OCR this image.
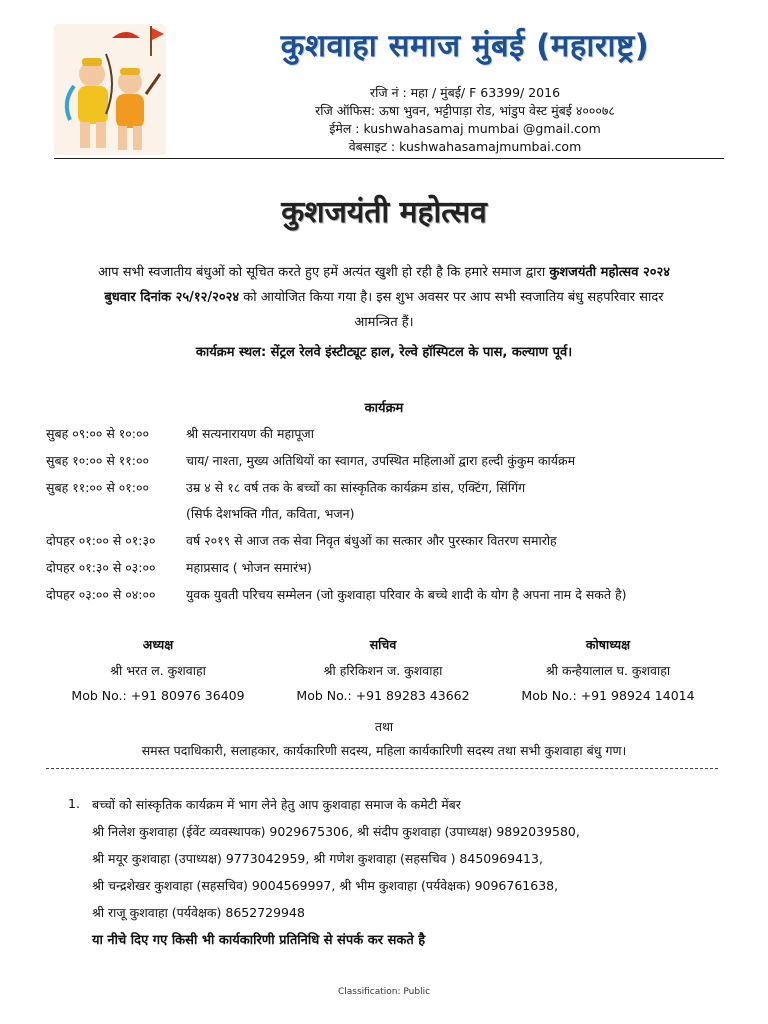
कुशवाहा समाज मुंबई (महाराष्ट्र)
रजि नं : महा / मुंबई/ F 63399/ 2016
रजि ऑफिस: ऊषा भुवन, भट्टीपाड़ा रोड, भांडुप वेस्ट मुंबई ४०००७८
ईमेल : kushwahasamaj mumbai @gmail.com
वेबसाइट : kushwahasamajmumbai.com
कुशजयंती महोत्सव
आप सभी स्वजातीय बंधुओं को सूचित करते हुए हमें अत्यंत खुशी हो रही है कि हमारे समाज द्वारा कुशजयंती महोत्सव २०२४
बुधवार दिनांक २५/१२/२०२४ को आयोजित किया गया है। इस शुभ अवसर पर आप सभी स्वजातिय बंधु सहपरिवार सादर
आमन्त्रित हैं।
कार्यक्रम स्थल: सेंट्रल रेलवे इंस्टीट्यूट हाल, रेल्वे हॉस्पिटल के पास, कल्याण पूर्व।
कार्यक्रम
सुबह ०९:०० से १०:००	श्री सत्यनारायण की महापूजा
सुबह १०:०० से ११:००	चाय/ नाश्ता, मुख्य अतिथियों का स्वागत, उपस्थित महिलाओं द्वारा हल्दी कुंकुम कार्यक्रम
सुबह ११:०० से ०१:००	उम्र ४ से १८ वर्ष तक के बच्चों का सांस्कृतिक कार्यक्रम डांस, एक्टिंग, सिंगिंग
(सिर्फ देशभक्ति गीत, कविता, भजन)
दोपहर ०१:०० से ०१:३०	वर्ष २०१९ से आज तक सेवा निवृत बंधुओं का सत्कार और पुरस्कार वितरण समारोह
दोपहर ०१:३० से ०३:००	महाप्रसाद ( भोजन समारंभ)
दोपहर ०३:०० से ०४:००	युवक युवती परिचय सम्मेलन (जो कुशवाहा परिवार के बच्चे शादी के योग है अपना नाम दे सकते है)
अध्यक्ष
श्री भरत ल. कुशवाहा
Mob No.: +91 80976 36409
सचिव
श्री हरिकिशन ज. कुशवाहा
Mob No.: +91 89283 43662
कोषाध्यक्ष
श्री कन्हैयालाल घ. कुशवाहा
Mob No.: +91 98924 14014
तथा
समस्त पदाधिकारी, सलाहकार, कार्यकारिणी सदस्य, महिला कार्यकारिणी सदस्य तथा सभी कुशवाहा बंधु गण।
1. बच्चों को सांस्कृतिक कार्यक्रम में भाग लेने हेतु आप कुशवाहा समाज के कमेटी मेंबर
श्री निलेश कुशवाहा (ईवेंट व्यवस्थापक) 9029675306, श्री संदीप कुशवाहा (उपाध्यक्ष) 9892039580,
श्री मयूर कुशवाहा (उपाध्यक्ष) 9773042959, श्री गणेश कुशवाहा (सहसचिव ) 8450969413,
श्री चन्द्रशेखर कुशवाहा (सहसचिव) 9004569997, श्री भीम कुशवाहा (पर्यवेक्षक) 9096761638,
श्री राजू कुशवाहा (पर्यवेक्षक) 8652729948
या नीचे दिए गए किसी भी कार्यकारिणी प्रतिनिधि से संपर्क कर सकते है
Classification: Public
